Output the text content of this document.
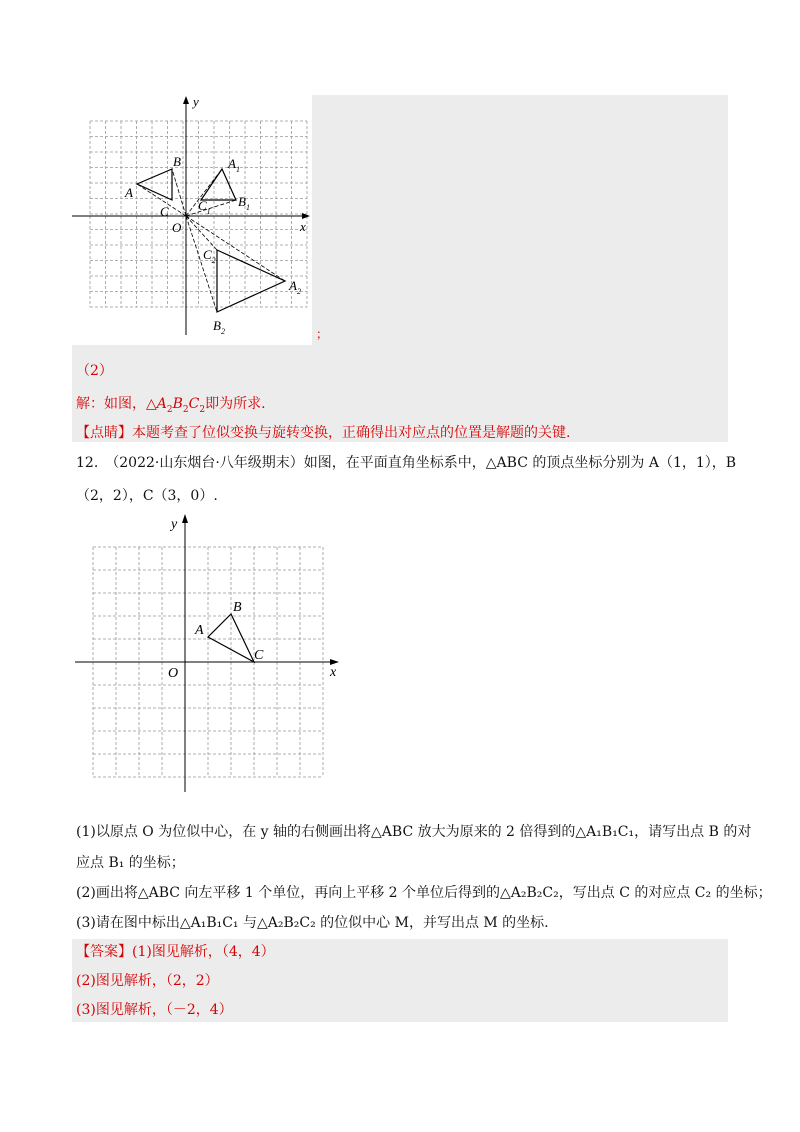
y
x
O
A
B
C
$A_1$
$B_1$
$C_1$
$A_2$
$B_2$
$C_2$
；
（2）
解：如图，$\triangle A_2B_2C_2$即为所求.
【点睛】本题考查了位似变换与旋转变换，正确得出对应点的位置是解题的关键.
12.　（2022·山东烟台·八年级期末）如图，在平面直角坐标系中，△ABC 的顶点坐标分别为 A（1，1），B
（2，2），C（3，0）.
y
x
O
A
B
C
(1)以原点 O 为位似中心，在 y 轴的右侧画出将△ABC 放大为原来的 2 倍得到的△A₁B₁C₁，请写出点 B 的对
应点 B₁ 的坐标；
(2)画出将△ABC 向左平移 1 个单位，再向上平移 2 个单位后得到的△A₂B₂C₂，写出点 C 的对应点 C₂ 的坐标；
(3)请在图中标出△A₁B₁C₁ 与△A₂B₂C₂ 的位似中心 M，并写出点 M 的坐标.
【答案】(1)图见解析，（4，4）
(2)图见解析，（2，2）
(3)图见解析，（－2，4）
